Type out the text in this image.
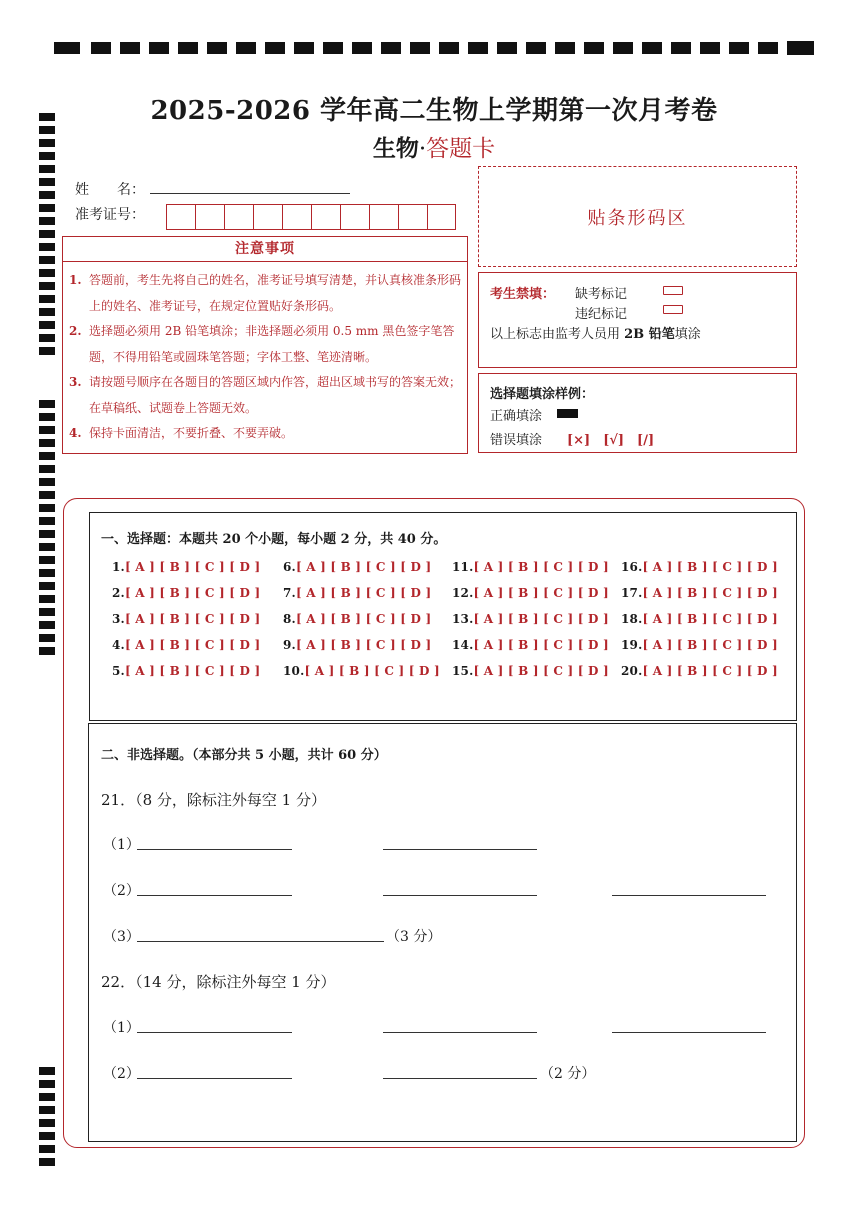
2025-2026 学年高二生物上学期第一次月考卷
生物·答题卡
姓　　名：
准考证号：
注意事项
1. 答题前，考生先将自己的姓名，准考证号填写清楚，并认真核准条形码上的姓名、准考证号，在规定位置贴好条形码。
2. 选择题必须用 2B 铅笔填涂；非选择题必须用 0.5 mm 黑色签字笔答题，不得用铅笔或圆珠笔答题；字体工整、笔迹清晰。
3. 请按题号顺序在各题目的答题区域内作答，超出区域书写的答案无效；在草稿纸、试题卷上答题无效。
4. 保持卡面清洁，不要折叠、不要弄破。
贴条形码区
考生禁填： 缺考标记
违纪标记
以上标志由监考人员用 2B 铅笔填涂
选择题填涂样例：
正确填涂
错误填涂 [×]　[√]　[/]
一、选择题：本题共 20 个小题，每小题 2 分，共 40 分。
1.[ A ] [ B ] [ C ] [ D ]
2.[ A ] [ B ] [ C ] [ D ]
3.[ A ] [ B ] [ C ] [ D ]
4.[ A ] [ B ] [ C ] [ D ]
5.[ A ] [ B ] [ C ] [ D ]
6.[ A ] [ B ] [ C ] [ D ]
7.[ A ] [ B ] [ C ] [ D ]
8.[ A ] [ B ] [ C ] [ D ]
9.[ A ] [ B ] [ C ] [ D ]
10.[ A ] [ B ] [ C ] [ D ]
11.[ A ] [ B ] [ C ] [ D ]
12.[ A ] [ B ] [ C ] [ D ]
13.[ A ] [ B ] [ C ] [ D ]
14.[ A ] [ B ] [ C ] [ D ]
15.[ A ] [ B ] [ C ] [ D ]
16.[ A ] [ B ] [ C ] [ D ]
17.[ A ] [ B ] [ C ] [ D ]
18.[ A ] [ B ] [ C ] [ D ]
19.[ A ] [ B ] [ C ] [ D ]
20.[ A ] [ B ] [ C ] [ D ]
二、非选择题。（本部分共 5 小题，共计 60 分）
21．（8 分，除标注外每空 1 分）
（1）
（2）
（3）	（3 分）
22．（14 分，除标注外每空 1 分）
（1）
（2）	（2 分）
